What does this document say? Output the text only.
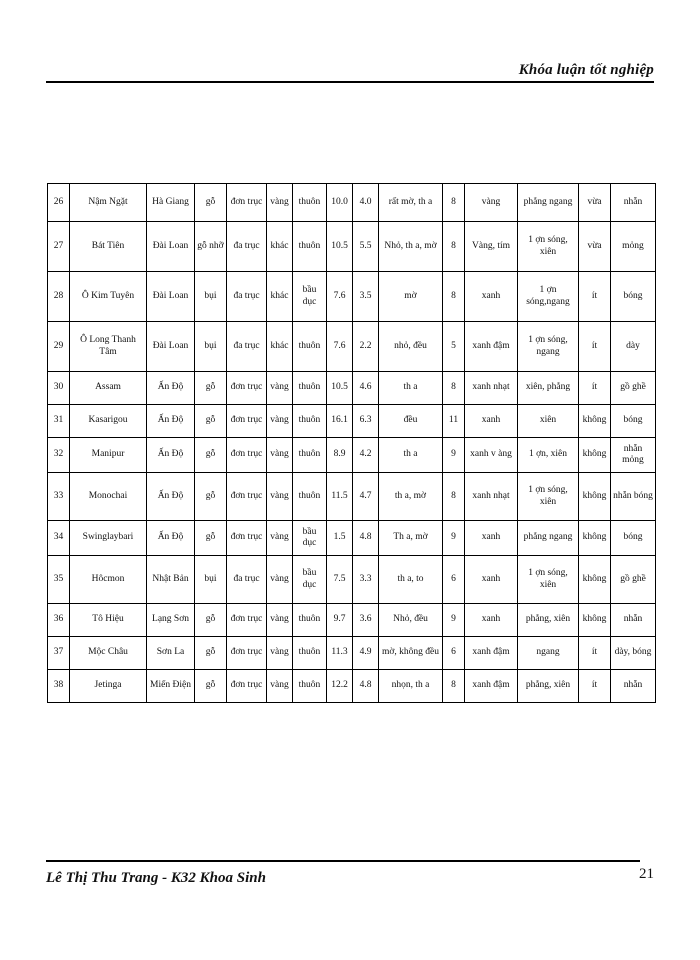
Khóa luận tốt nghiệp
26	Nậm Ngặt	Hà Giang	gỗ	đơn trục	vàng	thuôn	10.0	4.0	rất mờ, th a	8	vàng	phẳng ngang	vừa	nhẵn
27	Bát Tiên	Đài Loan	gỗ nhỡ	đa trục	khác	thuôn	10.5	5.5	Nhỏ, th a, mờ	8	Vàng, tím	1 ợn sóng, xiên	vừa	mỏng
28	Ô Kim Tuyên	Đài Loan	bụi	đa trục	khác	bầu dục	7.6	3.5	mờ	8	xanh	1 ợn sóng,ngang	ít	bóng
29	Ô Long Thanh Tâm	Đài Loan	bụi	đa trục	khác	thuôn	7.6	2.2	nhỏ, đều	5	xanh đậm	1 ợn sóng, ngang	ít	dày
30	Assam	Ấn Độ	gỗ	đơn trục	vàng	thuôn	10.5	4.6	th a	8	xanh nhạt	xiên, phẳng	ít	gồ ghề
31	Kasarigou	Ấn Độ	gỗ	đơn trục	vàng	thuôn	16.1	6.3	đều	11	xanh	xiên	không	bóng
32	Manipur	Ấn Độ	gỗ	đơn trục	vàng	thuôn	8.9	4.2	th a	9	xanh v àng	1 ợn, xiên	không	nhẵn mỏng
33	Monochai	Ấn Độ	gỗ	đơn trục	vàng	thuôn	11.5	4.7	th a, mờ	8	xanh nhạt	1 ợn sóng, xiên	không	nhẵn bóng
34	Swinglaybari	Ấn Độ	gỗ	đơn trục	vàng	bầu dục	1.5	4.8	Th a, mờ	9	xanh	phẳng ngang	không	bóng
35	Hôcmon	Nhật Bản	bụi	đa trục	vàng	bầu dục	7.5	3.3	th a, to	6	xanh	1 ợn sóng, xiên	không	gồ ghề
36	Tô Hiệu	Lạng Sơn	gỗ	đơn trục	vàng	thuôn	9.7	3.6	Nhỏ, đều	9	xanh	phẳng, xiên	không	nhẵn
37	Mộc Châu	Sơn La	gỗ	đơn trục	vàng	thuôn	11.3	4.9	mờ, không đều	6	xanh đậm	ngang	ít	dày, bóng
38	Jetinga	Miến Điện	gỗ	đơn trục	vàng	thuôn	12.2	4.8	nhọn, th a	8	xanh đậm	phẳng, xiên	ít	nhẵn
Lê Thị Thu Trang - K32 Khoa Sinh	21
